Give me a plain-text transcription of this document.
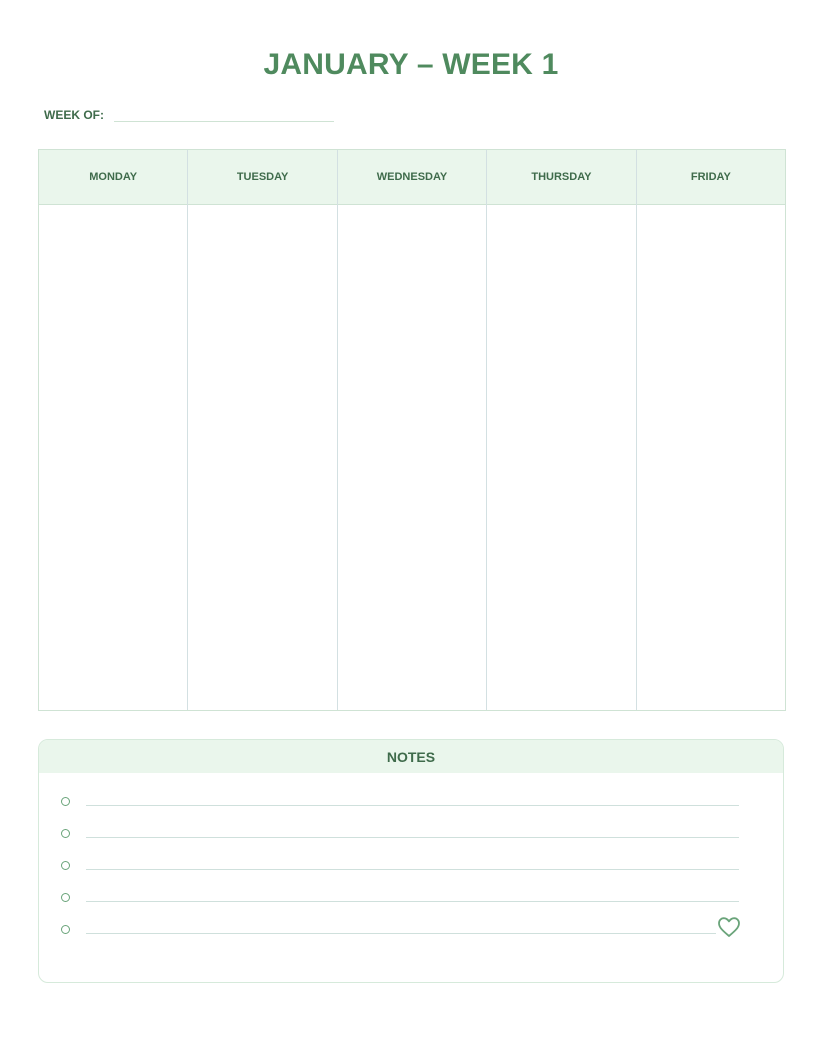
JANUARY – WEEK 1
WEEK OF:
MONDAY	TUESDAY	WEDNESDAY	THURSDAY	FRIDAY
NOTES
